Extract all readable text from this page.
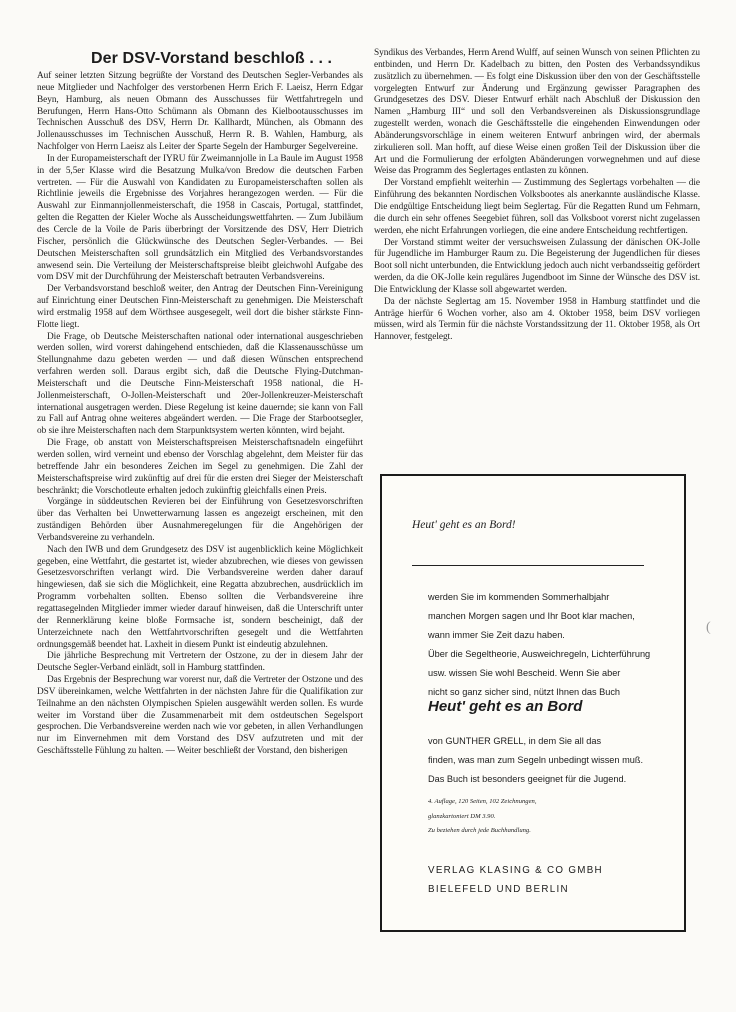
Der DSV-Vorstand beschloß . . .

Auf seiner letzten Sitzung begrüßte der Vorstand des Deutschen Segler-Verbandes als neue Mitglieder und Nachfolger des verstorbenen Herrn Erich F. Laeisz, Herrn Edgar Beyn, Hamburg, als neuen Obmann des Ausschusses für Wettfahrtregeln und Berufungen, Herrn Hans-Otto Schümann als Obmann des Kielbootausschusses im Technischen Ausschuß des DSV, Herrn Dr. Kallhardt, München, als Obmann des Jollenausschusses im Technischen Ausschuß, Herrn R. B. Wahlen, Hamburg, als Nachfolger von Herrn Laeisz als Leiter der Sparte Segeln der Hamburger Segelvereine.

In der Europameisterschaft der IYRU für Zweimannjolle in La Baule im August 1958 in der 5,5er Klasse wird die Besatzung Mulka/von Bredow die deutschen Farben vertreten. — Für die Auswahl von Kandidaten zu Europameisterschaften sollen als Richtlinie jeweils die Ergebnisse des Vorjahres herangezogen werden. — Für die Auswahl zur Einmannjollenmeisterschaft, die 1958 in Cascais, Portugal, stattfindet, gelten die Regatten der Kieler Woche als Ausscheidungswettfahrten. — Zum Jubiläum des Cercle de la Voile de Paris überbringt der Vorsitzende des DSV, Herr Dietrich Fischer, persönlich die Glückwünsche des Deutschen Segler-Verbandes. — Bei Deutschen Meisterschaften soll grundsätzlich ein Mitglied des Verbandsvorstandes anwesend sein. Die Verteilung der Meisterschaftspreise bleibt gleichwohl Aufgabe des vom DSV mit der Durchführung der Meisterschaft betrauten Verbandsvereins.

Der Verbandsvorstand beschloß weiter, den Antrag der Deutschen Finn-Vereinigung auf Einrichtung einer Deutschen Finn-Meisterschaft zu genehmigen. Die Meisterschaft wird erstmalig 1958 auf dem Wörthsee ausgesegelt, weil dort die bisher stärkste Finn-Flotte liegt.

Die Frage, ob Deutsche Meisterschaften national oder international ausgeschrieben werden sollen, wird vorerst dahingehend entschieden, daß die Klassenausschüsse um Stellungnahme dazu gebeten werden — und daß diesen Wünschen entsprechend verfahren werden soll. Daraus ergibt sich, daß die Deutsche Flying-Dutchman-Meisterschaft und die Deutsche Finn-Meisterschaft 1958 national, die H-Jollenmeisterschaft, O-Jollen-Meisterschaft und 20er-Jollenkreuzer-Meisterschaft international ausgetragen werden. Diese Regelung ist keine dauernde; sie kann von Fall zu Fall auf Antrag ohne weiteres abgeändert werden. — Die Frage der Starbootsegler, ob sie ihre Meisterschaften nach dem Starpunktsystem werten könnten, wird bejaht.

Die Frage, ob anstatt von Meisterschaftspreisen Meisterschaftsnadeln eingeführt werden sollen, wird verneint und ebenso der Vorschlag abgelehnt, dem Meister für das betreffende Jahr ein besonderes Zeichen im Segel zu genehmigen. Die Zahl der Meisterschaftspreise wird zukünftig auf drei für die ersten drei Sieger der Meisterschaft beschränkt; die Vorschotleute erhalten jedoch zukünftig gleichfalls einen Preis.

Vorgänge in süddeutschen Revieren bei der Einführung von Gesetzesvorschriften über das Verhalten bei Unwetterwarnung lassen es angezeigt erscheinen, mit den zuständigen Behörden über Ausnahmeregelungen für die Angehörigen der Verbandsvereine zu verhandeln.

Nach den IWB und dem Grundgesetz des DSV ist augenblicklich keine Möglichkeit gegeben, eine Wettfahrt, die gestartet ist, wieder abzubrechen, wie dieses von gewissen Gesetzesvorschriften verlangt wird. Die Verbandsvereine werden daher darauf hingewiesen, daß sie sich die Möglichkeit, eine Regatta abzubrechen, ausdrücklich im Programm vorbehalten sollten. Ebenso sollten die Verbandsvereine ihre regattasegelnden Mitglieder immer wieder darauf hinweisen, daß die Unterschrift unter der Rennerklärung keine bloße Formsache ist, sondern bescheinigt, daß der Unterzeichnete nach den Wettfahrtvorschriften gesegelt und die Wettfahrten ordnungsgemäß beendet hat. Laxheit in diesem Punkt ist eindeutig abzulehnen.

Die jährliche Besprechung mit Vertretern der Ostzone, zu der in diesem Jahr der Deutsche Segler-Verband einlädt, soll in Hamburg stattfinden.

Das Ergebnis der Besprechung war vorerst nur, daß die Vertreter der Ostzone und des DSV übereinkamen, welche Wettfahrten in der nächsten Jahre für die Qualifikation zur Teilnahme an den nächsten Olympischen Spielen ausgewählt werden sollen. Es wurde weiter im Vorstand über die Zusammenarbeit mit dem ostdeutschen Segelsport gesprochen. Die Verbandsvereine werden nach wie vor gebeten, in allen Verhandlungen nur im Einvernehmen mit dem Vorstand des DSV aufzutreten und mit der Geschäftsstelle Fühlung zu halten. — Weiter beschließt der Vorstand, den bisherigen

Syndikus des Verbandes, Herrn Arend Wulff, auf seinen Wunsch von seinen Pflichten zu entbinden, und Herrn Dr. Kadelbach zu bitten, den Posten des Verbandssyndikus zusätzlich zu übernehmen. — Es folgt eine Diskussion über den von der Geschäftsstelle vorgelegten Entwurf zur Änderung und Ergänzung gewisser Paragraphen des Grundgesetzes des DSV. Dieser Entwurf erhält nach Abschluß der Diskussion den Namen „Hamburg III“ und soll den Verbandsvereinen als Diskussionsgrundlage zugestellt werden, wonach die Geschäftsstelle die eingehenden Einwendungen oder Abänderungsvorschläge in einem weiteren Entwurf anbringen wird, der abermals zirkulieren soll. Man hofft, auf diese Weise einen großen Teil der Diskussion über die Art und die Formulierung der erfolgten Abänderungen vorwegnehmen und auf diese Weise das Programm des Seglertages entlasten zu können.

Der Vorstand empfiehlt weiterhin — Zustimmung des Seglertags vorbehalten — die Einführung des bekannten Nordischen Volksbootes als anerkannte ausländische Klasse. Die endgültige Entscheidung liegt beim Seglertag. Für die Regatten Rund um Fehmarn, die durch ein sehr offenes Seegebiet führen, soll das Volksboot vorerst nicht zugelassen werden, ehe nicht Erfahrungen vorliegen, die eine andere Entscheidung rechtfertigen.

Der Vorstand stimmt weiter der versuchsweisen Zulassung der dänischen OK-Jolle für Jugendliche im Hamburger Raum zu. Die Begeisterung der Jugendlichen für dieses Boot soll nicht unterbunden, die Entwicklung jedoch auch nicht verbandsseitig gefördert werden, da die OK-Jolle kein reguläres Jugendboot im Sinne der Wünsche des DSV ist. Die Entwicklung der Klasse soll abgewartet werden.

Da der nächste Seglertag am 15. November 1958 in Hamburg stattfindet und die Anträge hierfür 6 Wochen vorher, also am 4. Oktober 1958, beim DSV vorliegen müssen, wird als Termin für die nächste Vorstandssitzung der 11. Oktober 1958, als Ort Hannover, festgelegt.

Heut' geht es an Bord!
werden Sie im kommenden Sommerhalbjahr
manchen Morgen sagen und Ihr Boot klar machen,
wann immer Sie Zeit dazu haben.
Über die Segeltheorie, Ausweichregeln, Lichterführung
usw. wissen Sie wohl Bescheid. Wenn Sie aber
nicht so ganz sicher sind, nützt Ihnen das Buch
Heut' geht es an Bord
von GUNTHER GRELL, in dem Sie all das
finden, was man zum Segeln unbedingt wissen muß.
Das Buch ist besonders geeignet für die Jugend.
4. Auflage, 120 Seiten, 102 Zeichnungen,
glanzkartoniert DM 3.90.
Zu beziehen durch jede Buchhandlung.
VERLAG KLASING & CO GMBH
BIELEFELD UND BERLIN
(
